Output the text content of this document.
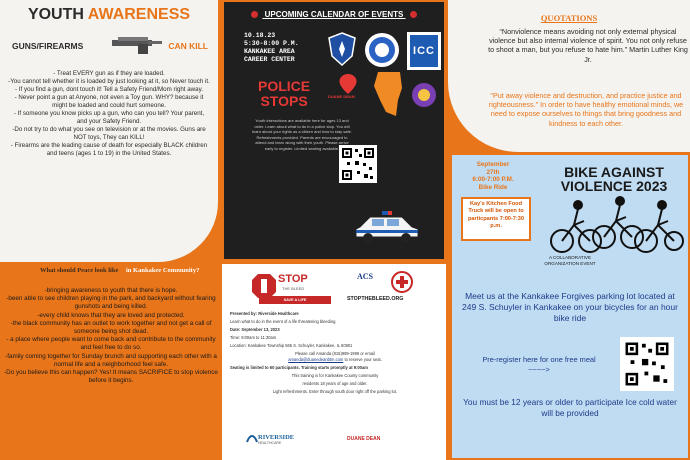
YOUTH AWARENESS
GUNS/FIREARMS	CAN KILL
- Treat EVERY gun as if they are loaded.
-You cannot tell whether it is loaded by just looking at it, so Never touch it.
- If you find a gun, dont touch it! Tell a Safety Friend/Mom right away.
- Never point a gun at Anyone, not even a Toy gun. WHY? because it might be loaded and could hurt someone.
- If someone you know picks up a gun, who can you tell? Your parent, and your Safety Friend.
-Do not try to do what you see on television or at the movies. Guns are NOT toys, They can KILL!
- Firearms are the leading cause of death for especially BLACK children and teens (ages 1 to 19) in the United States.
What should Peace look like in Kankakee Community?
-bringing awareness to youth that there is hope.
-been able to see children playing in the park, and backyard without fearing gunshots and being killed.
-every child knows that they are loved and protected.
-the black community has an outlet to work together and not get a call of someone being shot dead.
- a place where people want to come back and contribute to the community and feel free to do so.
-family coming together for Sunday brunch and supporting each other with a normal life and a neighborhood feel safe.
-Do you believe this can happen? Yes! It means SACRIFICE to stop violence before it begins.
UPCOMING CALENDAR OF EVENTS
10.18.23
5:30-8:00 P.M.
KANKAKEE AREA
CAREER CENTER
ICC
DUANE DEAN
POLICE
STOPS
Youth interactions are available here for ages 13 and older. Learn about what to do in a police stop. You will learn about your rights as a citizen and how to stay safe. Refreshments provided. Parents are encouraged to attend and learn along with their youth. Please arrive early to register. Limited seating available.
STOP
THE BLEED
SAVE A LIFE
ACS
STOPTHEBLEED.ORG

Presented by: Riverside Healthcare

Learn what to do in the event of a life threatening bleeding.

Date: September 13, 2023

Time: 9:00am to 11:30am

Location: Kankakee Township 565 S. Schuyler, Kankakee, IL 60901

Please call Amanda (815)999-1999 or email
amanda@duanedeanbtm.com to reserve your seat.

Seating is limited to 60 participants. Training starts promptly at 9:00am

This training is for Kankakee County community

residents 18 years of age and older.

Light refreshments. Enter through south door right off the parking lot.

RIVERSIDE
HEALTHCARE
DUANE DEAN
QUOTATIONS
“Nonviolence means avoiding not only external physical violence but also internal violence of spirit. You not only refuse to shoot a man, but you refuse to hate him.” Martin Luther King Jr.
"Put away violence and destruction, and practice justice and righteousness." In order to have healthy emotional minds, we need to expose ourselves to things that bring goodness and kindness to each other.
September
27th
6:00-7:00 P.M.
Bike Ride
BIKE AGAINST
VIOLENCE 2023
Kay's Kitchen Food Truck will be open to particpants 7:00-7:30 p.m.
A COLLABORATIVE
ORGANIZATION EVENT
Meet us at the Kankakee Forgives parking lot located at 249 S. Schuyler in Kankakee on your bicycles for an hour bike ride
Pre-register here for one free meal ~~~~>
You must be 12 years or older to participate Ice cold water will be provided
